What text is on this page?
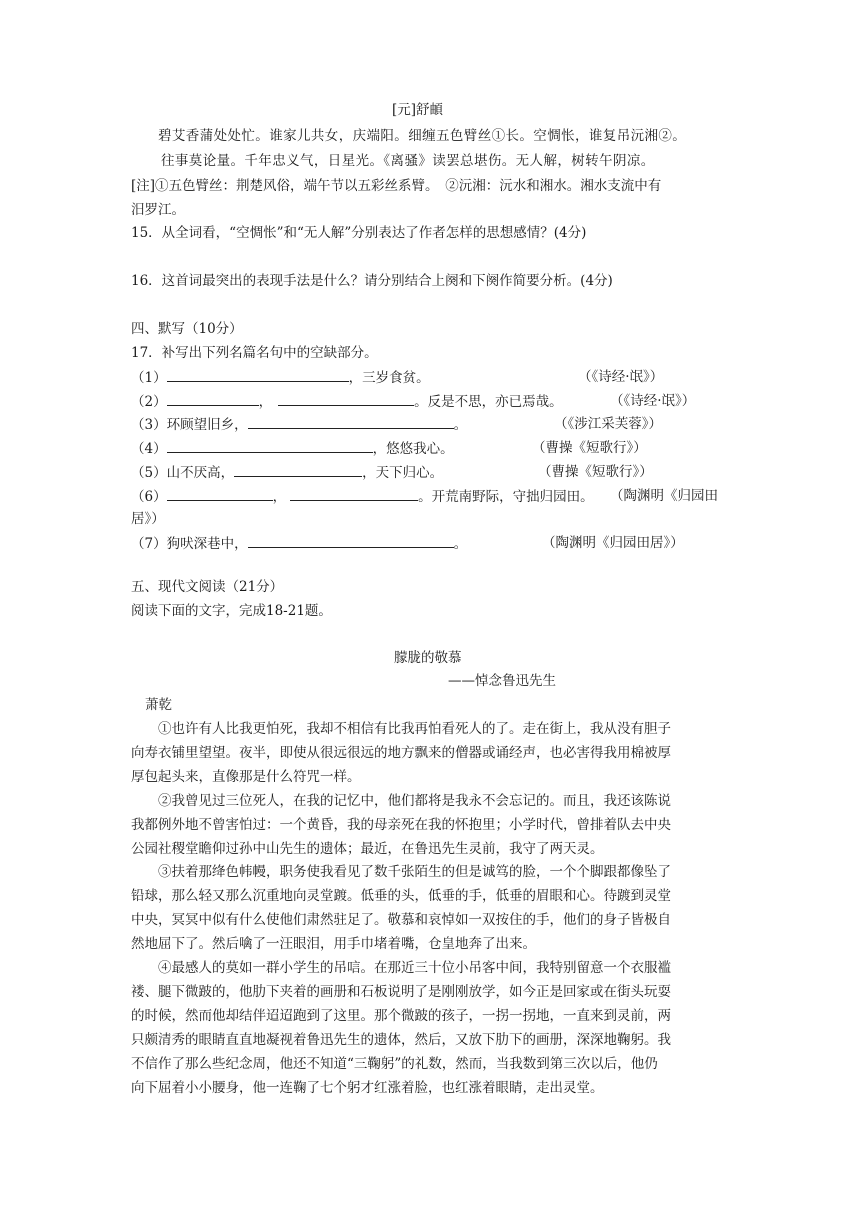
[元]舒頔
碧艾香蒲处处忙。谁家儿共女，庆端阳。细缠五色臂丝①长。空惆怅，谁复吊沅湘②。
往事莫论量。千年忠义气，日星光。《离骚》读罢总堪伤。无人解，树转午阴凉。
[注]①五色臂丝：荆楚风俗，端午节以五彩丝系臂。　②沅湘：沅水和湘水。湘水支流中有
汨罗江。
15．从全词看，“空惆怅”和“无人解”分别表达了作者怎样的思想感情？(4分)
16．这首词最突出的表现手法是什么？请分别结合上阕和下阕作简要分析。(4分)
四、默写（10分）
17．补写出下列名篇名句中的空缺部分。
（1）	，三岁食贫。	（《诗经·氓》）
（2）	，	。反是不思，亦已焉哉。	（《诗经·氓》）
（3）环顾望旧乡，	。	（《涉江采芙蓉》）
（4）	，悠悠我心。	（曹操《短歌行》）
（5）山不厌高，	，天下归心。	（曹操《短歌行》）
（6）	，	。开荒南野际，守拙归园田。 （陶渊明《归园田
居》）
（7）狗吠深巷中，	。	（陶渊明《归园田居》）
五、现代文阅读（21分）
阅读下面的文字，完成18-21题。
朦胧的敬慕
——悼念鲁迅先生
萧乾
①也许有人比我更怕死，我却不相信有比我再怕看死人的了。走在街上，我从没有胆子
向寿衣铺里望望。夜半，即使从很远很远的地方飘来的僧器或诵经声，也必害得我用棉被厚
厚包起头来，直像那是什么符咒一样。
②我曾见过三位死人，在我的记忆中，他们都将是我永不会忘记的。而且，我还该陈说
我都例外地不曾害怕过：一个黄昏，我的母亲死在我的怀抱里；小学时代，曾排着队去中央
公园社稷堂瞻仰过孙中山先生的遗体；最近，在鲁迅先生灵前，我守了两天灵。
③扶着那绛色帏幔，职务使我看见了数千张陌生的但是诚笃的脸，一个个脚跟都像坠了
铅球，那么轻又那么沉重地向灵堂踱。低垂的头，低垂的手，低垂的眉眼和心。待踱到灵堂
中央，冥冥中似有什么使他们肃然驻足了。敬慕和哀悼如一双按住的手，他们的身子皆极自
然地屈下了。然后噙了一汪眼泪，用手巾堵着嘴，仓皇地奔了出来。
④最感人的莫如一群小学生的吊唁。在那近三十位小吊客中间，我特别留意一个衣服褴
褛、腿下微跛的，他肋下夹着的画册和石板说明了是刚刚放学，如今正是回家或在街头玩耍
的时候，然而他却结伴迢迢跑到了这里。那个微跛的孩子，一拐一拐地，一直来到灵前，两
只颇清秀的眼睛直直地凝视着鲁迅先生的遗体，然后，又放下肋下的画册，深深地鞠躬。我
不信作了那么些纪念周，他还不知道“三鞠躬”的礼数，然而，当我数到第三次以后，他仍
向下屈着小小腰身，他一连鞠了七个躬才红涨着脸，也红涨着眼睛，走出灵堂。
